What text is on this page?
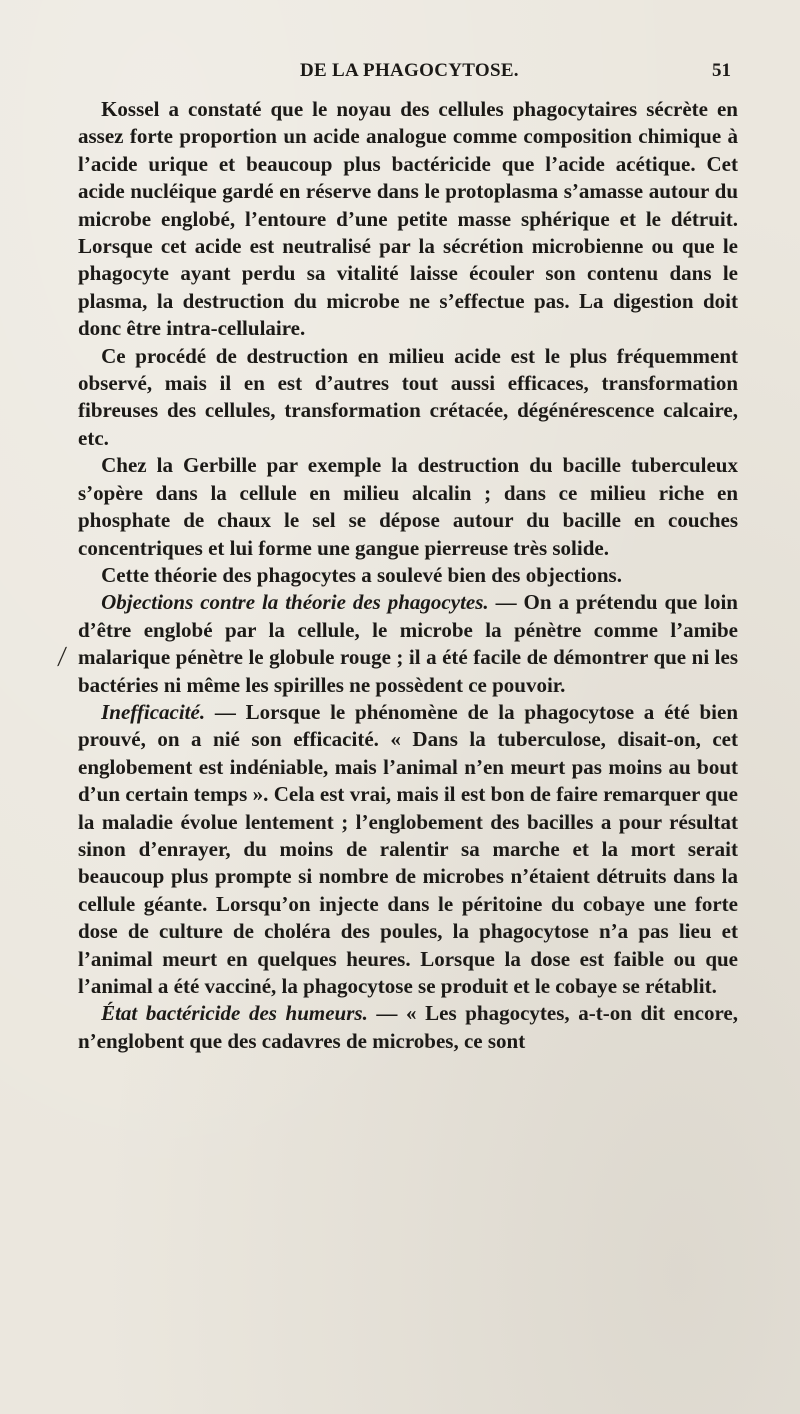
DE LA PHAGOCYTOSE.	51
⁄

Kossel a constaté que le noyau des cellules phagocytaires sécrète en assez forte proportion un acide analogue comme composition chimique à l’acide urique et beaucoup plus bactéricide que l’acide acétique. Cet acide nucléique gardé en réserve dans le protoplasma s’amasse autour du microbe englobé, l’entoure d’une petite masse sphérique et le détruit. Lorsque cet acide est neutralisé par la sécrétion microbienne ou que le phagocyte ayant perdu sa vitalité laisse écouler son contenu dans le plasma, la destruction du microbe ne s’effectue pas. La digestion doit donc être intra-cellulaire.

Ce procédé de destruction en milieu acide est le plus fréquemment observé, mais il en est d’autres tout aussi efficaces, transformation fibreuses des cellules, transformation crétacée, dégénérescence calcaire, etc.

Chez la Gerbille par exemple la destruction du bacille tuberculeux s’opère dans la cellule en milieu alcalin ; dans ce milieu riche en phosphate de chaux le sel se dépose autour du bacille en couches concentriques et lui forme une gangue pierreuse très solide.

Cette théorie des phagocytes a soulevé bien des objections.

Objections contre la théorie des phagocytes. — On a prétendu que loin d’être englobé par la cellule, le microbe la pénètre comme l’amibe malarique pénètre le globule rouge ; il a été facile de démontrer que ni les bactéries ni même les spirilles ne possèdent ce pouvoir.

Inefficacité. — Lorsque le phénomène de la phagocytose a été bien prouvé, on a nié son efficacité. « Dans la tuberculose, disait-on, cet englobement est indéniable, mais l’animal n’en meurt pas moins au bout d’un certain temps ». Cela est vrai, mais il est bon de faire remarquer que la maladie évolue lentement ; l’englobement des bacilles a pour résultat sinon d’enrayer, du moins de ralentir sa marche et la mort serait beaucoup plus prompte si nombre de microbes n’étaient détruits dans la cellule géante. Lorsqu’on injecte dans le péritoine du cobaye une forte dose de culture de choléra des poules, la phagocytose n’a pas lieu et l’animal meurt en quelques heures. Lorsque la dose est faible ou que l’animal a été vacciné, la phagocytose se produit et le cobaye se rétablit.

État bactéricide des humeurs. — « Les phagocytes, a-t-on dit encore, n’englobent que des cadavres de microbes, ce sont
